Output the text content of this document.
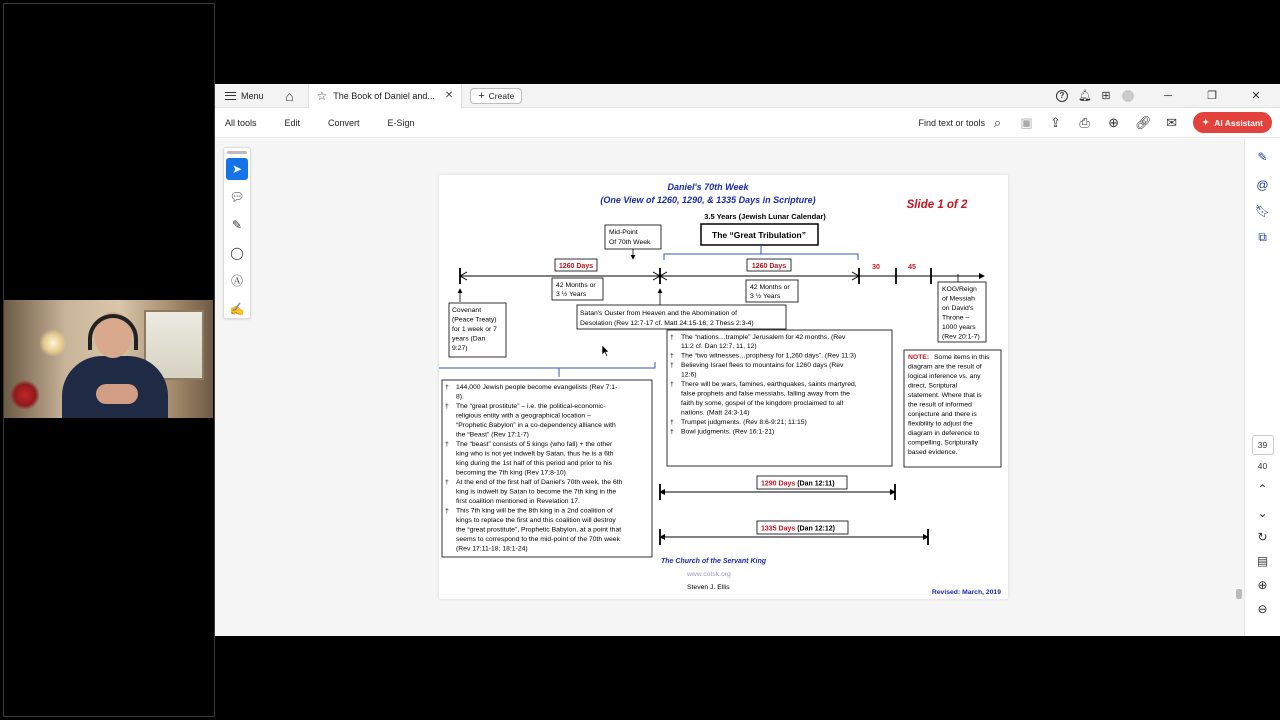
Menu ⌂	☆ The Book of Daniel and... ✕ + Create	?	🔔︎ ⊞	─	❐	✕
All tools	Edit	Convert	E-Sign	Find text or tools ⌕ ▣ ⇪ ⎙ ⊕ 🔗︎ ✉	✦ AI Assistant
➤
💬︎
✎
◯
Ⓐ
✍
Daniel's 70th Week
(One View of 1260, 1290, & 1335 Days in Scripture)	Slide 1 of 2
3.5 Years (Jewish Lunar Calendar)
The “Great Tribulation”
Mid-Point
Of 70th Week
1260 Days	1260 Days	30	45
42 Months or
3 ½ Years
42 Months or
3 ½ Years
Covenant
(Peace Treaty)
for 1 week or 7
years (Dan
9:27)
Satan's Ouster from Heaven and the Abomination of
Desolation (Rev 12:7-17 cf. Matt 24:15-16; 2 Thess 2:3-4)
KOG/Reign
of Messiah
on David's
Throne –
1000 years
(Rev 20:1-7)
† The “nations…trample” Jerusalem for 42 months. (Rev
11:2 cf. Dan 12:7, 11, 12)
† The “two witnesses…prophesy for 1,260 days”. (Rev 11:3)
† Believing Israel flees to mountains for 1260 days (Rev
12:6)
† There will be wars, famines, earthquakes, saints martyred,
false prophets and false messiahs, falling away from the
faith by some, gospel of the kingdom proclaimed to all
nations. (Matt 24:3-14)
† Trumpet judgments. (Rev 8:6-9:21; 11:15)
† Bowl judgments. (Rev 16:1-21)
NOTE: Some items in this
diagram are the result of
logical inference vs. any
direct, Scriptural
statement. Where that is
the result of informed
conjecture and there is
flexibility to adjust the
diagram in deference to
compelling, Scripturally
based evidence.
† 144,000 Jewish people become evangelists (Rev 7:1-
8).
† The “great prostitute” – i.e. the political-economic-
religious entity with a geographical location –
“Prophetic Babylon” in a co-dependency alliance with
the “Beast” (Rev 17:1-7)
† The “beast” consists of 5 kings (who fall) + the other
king who is not yet indwelt by Satan, thus he is a 6th
king during the 1st half of this period and prior to his
becoming the 7th king (Rev 17:8-10)
† At the end of the first half of Daniel's 70th week, the 6th
king is indwelt by Satan to become the 7th king in the
first coalition mentioned in Revelation 17.
† This 7th king will be the 8th king in a 2nd coalition of
kings to replace the first and this coalition will destroy
the “great prostitute”, Prophetic Babylon, at a point that
seems to correspond to the mid-point of the 70th week
(Rev 17:11-18; 18:1-24)
1290 Days (Dan 12:11)
1335 Days (Dan 12:12)
The Church of the Servant King
www.cotsk.org
Steven J. Ellis
Revised: March, 2019
✎
@
🔖︎
⧉
39
40
⌃
⌄
↻
▤
⊕
⊖
